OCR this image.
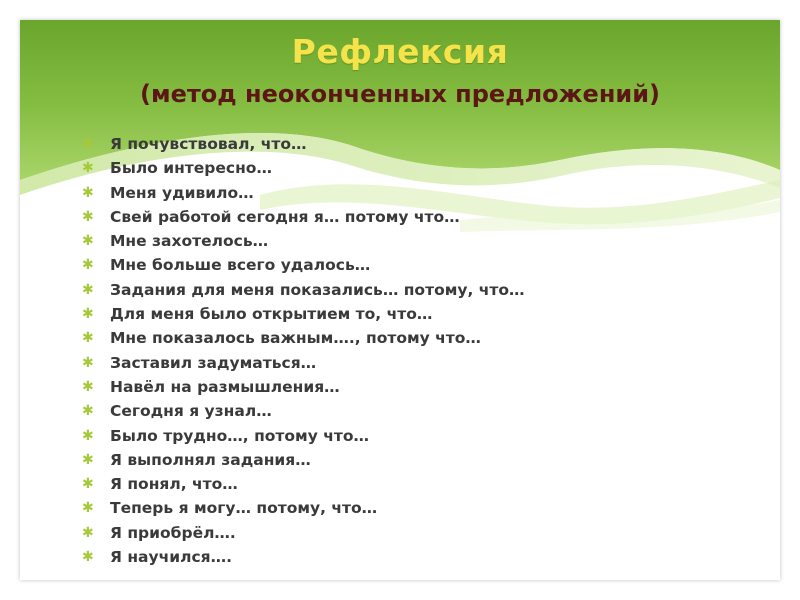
Рефлексия
(метод неоконченных предложений)
✱ Я почувствовал, что…
✱ Было интересно…
✱ Меня удивило…
✱ Свей работой сегодня я… потому что…
✱ Мне захотелось…
✱ Мне больше всего удалось…
✱ Задания для меня показались… потому, что…
✱ Для меня было открытием то, что…
✱ Мне показалось важным…., потому что…
✱ Заставил задуматься…
✱ Навёл на размышления…
✱ Сегодня я узнал…
✱ Было трудно…, потому что…
✱ Я выполнял задания…
✱ Я понял, что…
✱ Теперь я могу… потому, что…
✱ Я приобрёл….
✱ Я научился….
